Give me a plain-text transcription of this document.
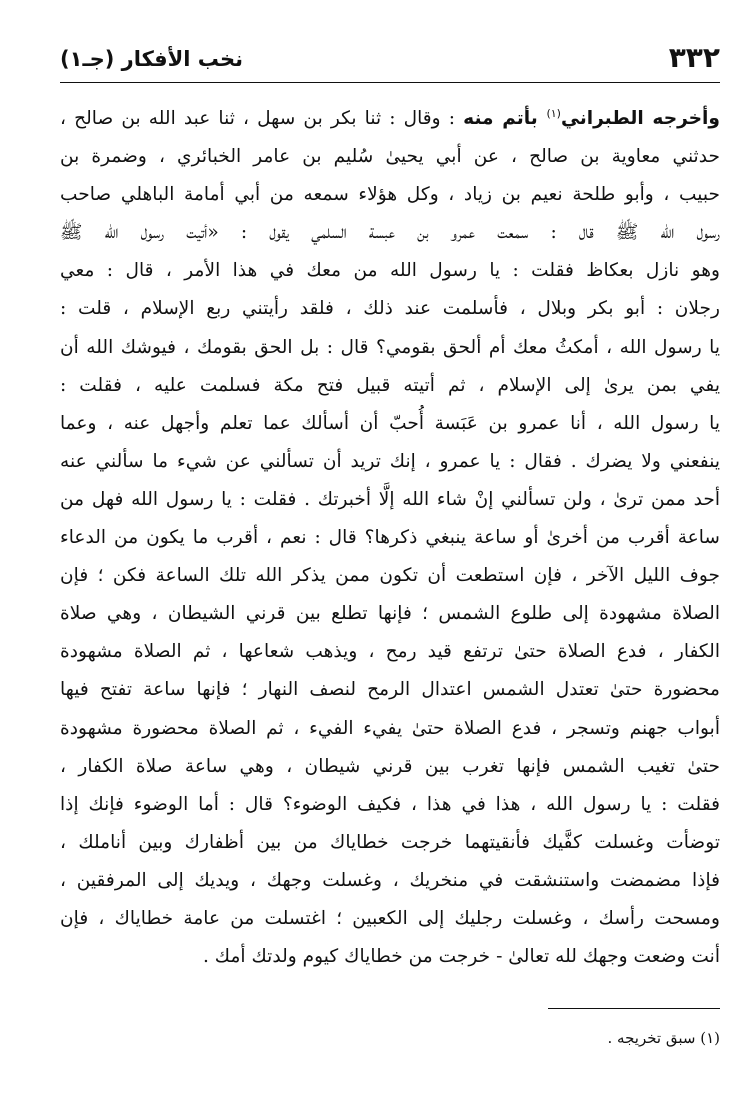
٣٣٢
نخب الأفكار (جـ١)
وأخرجه الطبراني$^{(١)}$ بأتم منه : وقال : ثنا بكر بن سهل ، ثنا عبد الله بن صالح ،
حدثني معاوية بن صالح ، عن أبي يحيىٰ سُليم بن عامر الخبائري ، وضمرة بن
حبيب ، وأبو طلحة نعيم بن زياد ، وكل هؤلاء سمعه من أبي أمامة الباهلي صاحب
رسول الله ﷺ قال : سمعت عمرو بن عبسة السلمي يقول : «أتيت رسول الله ﷺ
وهو نازل بعكاظ فقلت : يا رسول الله من معك في هذا الأمر ، قال : معي
رجلان : أبو بكر وبلال ، فأسلمت عند ذلك ، فلقد رأيتني ربع الإسلام ، قلت :
يا رسول الله ، أمكثُ معك أم ألحق بقومي؟ قال : بل الحق بقومك ، فيوشك الله أن
يفي بمن يرىٰ إلى الإسلام ، ثم أتيته قبيل فتح مكة فسلمت عليه ، فقلت :
يا رسول الله ، أنا عمرو بن عَبَسة أُحبّ أن أسألك عما تعلم وأجهل عنه ، وعما
ينفعني ولا يضرك . فقال : يا عمرو ، إنك تريد أن تسألني عن شيء ما سألني عنه
أحد ممن ترىٰ ، ولن تسألني إنْ شاء الله إلَّا أخبرتك . فقلت : يا رسول الله فهل من
ساعة أقرب من أخرىٰ أو ساعة ينبغي ذكرها؟ قال : نعم ، أقرب ما يكون من الدعاء
جوف الليل الآخر ، فإن استطعت أن تكون ممن يذكر الله تلك الساعة فكن ؛ فإن
الصلاة مشهودة إلى طلوع الشمس ؛ فإنها تطلع بين قرني الشيطان ، وهي صلاة
الكفار ، فدع الصلاة حتىٰ ترتفع قيد رمح ، ويذهب شعاعها ، ثم الصلاة مشهودة
محضورة حتىٰ تعتدل الشمس اعتدال الرمح لنصف النهار ؛ فإنها ساعة تفتح فيها
أبواب جهنم وتسجر ، فدع الصلاة حتىٰ يفيء الفيء ، ثم الصلاة محضورة مشهودة
حتىٰ تغيب الشمس فإنها تغرب بين قرني شيطان ، وهي ساعة صلاة الكفار ،
فقلت : يا رسول الله ، هذا في هذا ، فكيف الوضوء؟ قال : أما الوضوء فإنك إذا
توضأت وغسلت كفَّيك فأنقيتهما خرجت خطاياك من بين أظفارك وبين أناملك ،
فإذا مضمضت واستنشقت في منخريك ، وغسلت وجهك ، ويديك إلى المرفقين ،
ومسحت رأسك ، وغسلت رجليك إلى الكعبين ؛ اغتسلت من عامة خطاياك ، فإن
أنت وضعت وجهك لله تعالىٰ - خرجت من خطاياك كيوم ولدتك أمك .
(١) سبق تخريجه .
